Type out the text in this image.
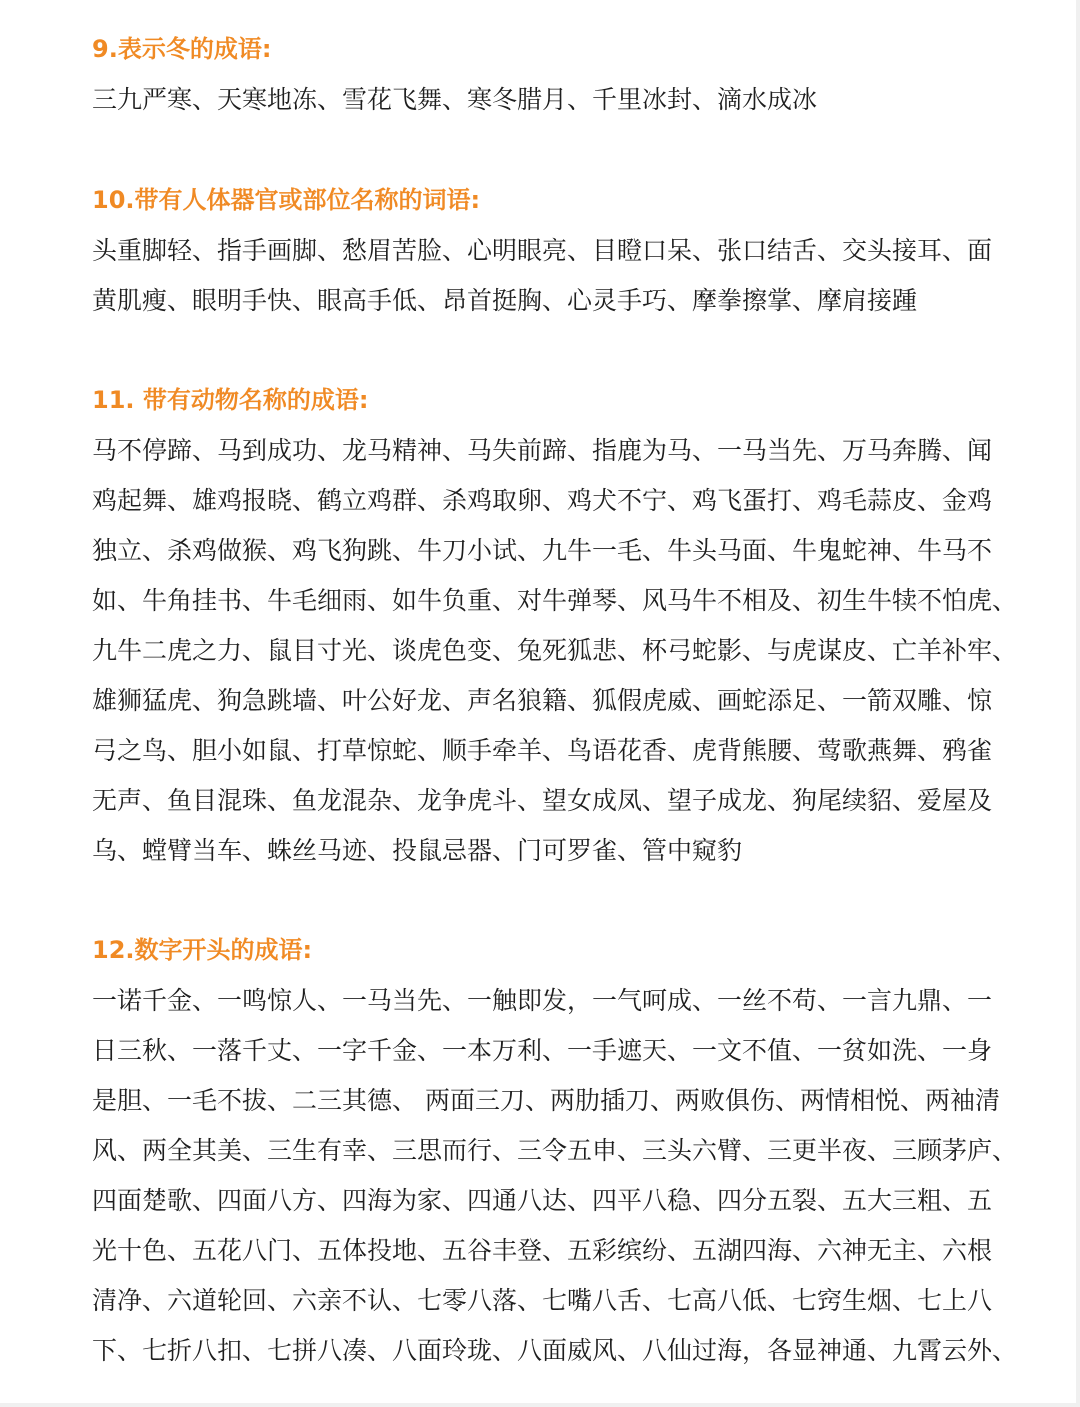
9.表示冬的成语:

三九严寒、天寒地冻、雪花飞舞、寒冬腊月、千里冰封、滴水成冰

10.带有人体器官或部位名称的词语:

头重脚轻、指手画脚、愁眉苦脸、心明眼亮、目瞪口呆、张口结舌、交头接耳、面
黄肌瘦、眼明手快、眼高手低、昂首挺胸、心灵手巧、摩拳擦掌、摩肩接踵

11. 带有动物名称的成语:

马不停蹄、马到成功、龙马精神、马失前蹄、指鹿为马、一马当先、万马奔腾、闻
鸡起舞、雄鸡报晓、鹤立鸡群、杀鸡取卵、鸡犬不宁、鸡飞蛋打、鸡毛蒜皮、金鸡
独立、杀鸡做猴、鸡飞狗跳、牛刀小试、九牛一毛、牛头马面、牛鬼蛇神、牛马不
如、牛角挂书、牛毛细雨、如牛负重、对牛弹琴、风马牛不相及、初生牛犊不怕虎、
九牛二虎之力、鼠目寸光、谈虎色变、兔死狐悲、杯弓蛇影、与虎谋皮、亡羊补牢、
雄狮猛虎、狗急跳墙、叶公好龙、声名狼籍、狐假虎威、画蛇添足、一箭双雕、惊
弓之鸟、胆小如鼠、打草惊蛇、顺手牵羊、鸟语花香、虎背熊腰、莺歌燕舞、鸦雀
无声、鱼目混珠、鱼龙混杂、龙争虎斗、望女成凤、望子成龙、狗尾续貂、爱屋及
乌、螳臂当车、蛛丝马迹、投鼠忌器、门可罗雀、管中窥豹

12.数字开头的成语:

一诺千金、一鸣惊人、一马当先、一触即发，一气呵成、一丝不苟、一言九鼎、一
日三秋、一落千丈、一字千金、一本万利、一手遮天、一文不值、一贫如洗、一身
是胆、一毛不拔、二三其德、 两面三刀、两肋插刀、两败俱伤、两情相悦、两袖清
风、两全其美、三生有幸、三思而行、三令五申、三头六臂、三更半夜、三顾茅庐、
四面楚歌、四面八方、四海为家、四通八达、四平八稳、四分五裂、五大三粗、五
光十色、五花八门、五体投地、五谷丰登、五彩缤纷、五湖四海、六神无主、六根
清净、六道轮回、六亲不认、七零八落、七嘴八舌、七高八低、七窍生烟、七上八
下、七折八扣、七拼八凑、八面玲珑、八面威风、八仙过海，各显神通、九霄云外、
